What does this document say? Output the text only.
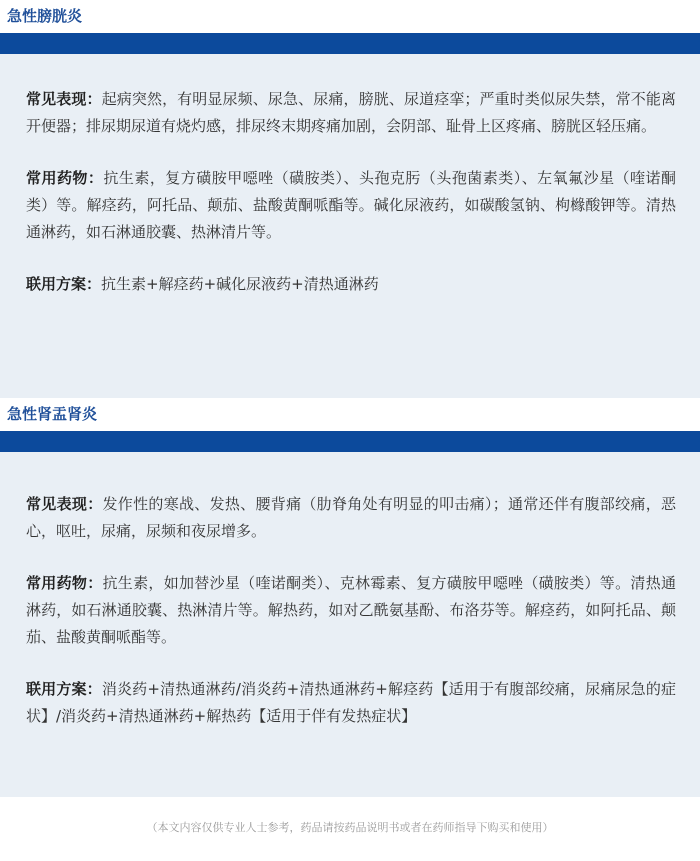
急性膀胱炎

常见表现：起病突然，有明显尿频、尿急、尿痛，膀胱、尿道痉挛；严重时类似尿失禁，常不能离开便器；排尿期尿道有烧灼感，排尿终末期疼痛加剧，会阴部、耻骨上区疼痛、膀胱区轻压痛。

常用药物：抗生素，复方磺胺甲噁唑（磺胺类）、头孢克肟（头孢菌素类）、左氧氟沙星（喹诺酮类）等。解痉药，阿托品、颠茄、盐酸黄酮哌酯等。碱化尿液药，如碳酸氢钠、枸橼酸钾等。清热通淋药，如石淋通胶囊、热淋清片等。

联用方案：抗生素+解痉药+碱化尿液药+清热通淋药

急性肾盂肾炎

常见表现：发作性的寒战、发热、腰背痛（肋脊角处有明显的叩击痛）；通常还伴有腹部绞痛，恶心，呕吐，尿痛，尿频和夜尿增多。

常用药物：抗生素，如加替沙星（喹诺酮类）、克林霉素、复方磺胺甲噁唑（磺胺类）等。清热通淋药，如石淋通胶囊、热淋清片等。解热药，如对乙酰氨基酚、布洛芬等。解痉药，如阿托品、颠茄、盐酸黄酮哌酯等。

联用方案：消炎药+清热通淋药/消炎药+清热通淋药+解痉药【适用于有腹部绞痛，尿痛尿急的症状】/消炎药+清热通淋药+解热药【适用于伴有发热症状】

（本文内容仅供专业人士参考，药品请按药品说明书或者在药师指导下购买和使用）
